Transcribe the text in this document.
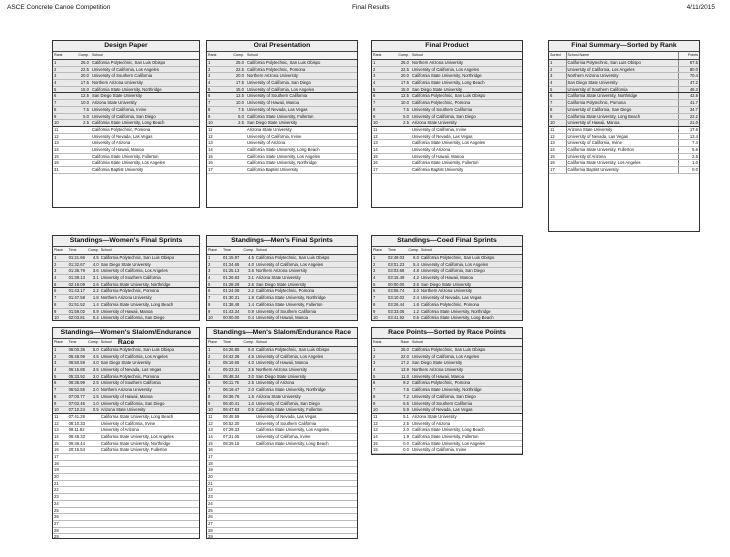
ASCE Concrete Canoe Competition	Final Results	4/11/2015
Design Paper
Rank	Comp. School
1	25.0 California Polytechnic, San Luis Obispo
2	22.5 University of California, Los Angeles
3	20.0 University of Southern California
4	17.5 Northern Arizona University
5	15.0 California State University, Northridge
6	12.5 San Diego State University
7	10.0 Arizona State University
8	7.5 University of California, Irvine
9	5.0 University of California, San Diego
10	2.5 California State University, Long Beach
11	California Polytechnic, Pomona
12	University of Nevada, Las Vegas
13	University of Arizona
14	University of Hawaii, Manoa
15	California State University, Fullerton
16	California State University, Los Angeles
31	California Baptist University
Oral Presentation
Rank	Comp. School
1	25.0 California Polytechnic, San Luis Obispo
2	22.5 California Polytechnic, Pomona
3	20.0 Northern Arizona University
4	17.5 University of California, San Diego
5	15.0 University of California, Los Angeles
6	12.5 University of Southern California
7	10.0 University of Hawaii, Manoa
8	7.5 University of Nevada, Las Vegas
9	5.0 California State University, Fullerton
10	2.5 San Diego State University
11	Arizona State University
12	University of California, Irvine
13	University of Arizona
14	California State University, Long Beach
15	California State University, Los Angeles
16	California State University, Northridge
17	California Baptist University
Final Product
Rank	Comp. School
1	25.0 Northern Arizona University
2	22.5 University of California, Los Angeles
3	20.0 California State University, Northridge
4	17.5 California State University, Long Beach
5	15.0 San Diego State University
6	12.5 California Polytechnic, San Luis Obispo
7	10.0 California Polytechnic, Pomona
8	7.5 University of Southern California
9	5.0 University of California, San Diego
10	2.5 Arizona State University
11	University of California, Irvine
12	University of Nevada, Las Vegas
13	California State University, Los Angeles
14	University of Arizona
15	University of Hawaii, Manoa
16	California State University, Fullerton
17	California Baptist University
Final Summary—Sorted by Rank
Sorted	School Name	Points
1	California Polytechnic, San Luis Obispo	87.5
2	University of California, Los Angeles	80.0
3	Northern Arizona University	70.4
4	San Diego State University	47.2
5	University of Southern California	46.3
6	California State University, Northridge	42.8
7	California Polytechnic, Pomona	41.7
8	University of California, San Diego	34.7
9	California State University, Long Beach	22.2
10	University of Hawaii, Manoa	21.0
11	Arizona State University	17.6
12	University of Nevada, Las Vegas	13.4
13	University of California, Irvine	7.4
14	California State University, Fullerton	5.6
15	University of Arizona	2.5
16	California State University, Los Angeles	1.0
17	California Baptist University	0.0
Standings—Women's Final Sprints
Place	Time	Comp. School
1	01:21.66	4.5 California Polytechnic, San Luis Obispo
2	01:32.67	4.0 San Diego State University
3	01:36.79	3.6 University of California, Los Angeles
4	01:39.13	3.1 University of Southern California
5	02:18.09	2.6 California State University, Northridge
6	01:43.17	2.2 California Polytechnic, Pomona
7	01:47.58	1.8 Northern Arizona University
8	01:51.52	1.4 California State University, Long Beach
9	01:59.02	0.9 University of Hawaii, Manoa
10	02:03.81	0.4 University of California, San Diego
Standings—Men's Final Sprints
Place	Time	Comp. School
1	01:15.97	4.5 California Polytechnic, San Luis Obispo
2	01:24.65	4.0 University of California, Los Angeles
3	01:25.13	3.6 Northern Arizona University
4	01:26.83	3.1 Arizona State University
5	01:28.28	2.6 San Diego State University
6	01:24.08	2.2 California Polytechnic, Pomona
7	01:30.31	1.8 California State University, Northridge
8	01:38.48	1.4 California State University, Fullerton
9	01:43.34	0.9 University of Southern California
10	00:00.00	0.4 University of Hawaii, Manoa
Standings—Coed Final Sprints
Place	Time	Comp. School
1	02:49.03	6.0 California Polytechnic, San Luis Obispo
2	03:01.23	5.4 University of California, Los Angeles
3	03:03.68	4.8 University of California, San Diego
4	03:15.49	4.2 University of Hawaii, Manoa
5	00:00.00	3.6 San Diego State University
6	03:06.74	3.0 Northern Arizona University
7	03:10.02	2.4 University of Nevada, Las Vegas
8	03:26.44	1.8 California Polytechnic, Pomona
9	03:33.06	1.2 California State University, Northridge
10	03:41.92	0.6 California State University, Long Beach
Standings—Women's Slalom/Endurance Race
Place	Time	Comp. School
1	06:00.36	5.0 California Polytechnic, San Luis Obispo
2	06:48.99	4.5 University of California, Los Angeles
3	06:50.59	4.0 San Diego State University
4	06:15.85	3.5 University of Nevada, Las Vegas
5	05:33.92	3.0 California Polytechnic, Pomona
6	06:36.99	2.5 University of Southern California
7	06:52.55	2.0 Northern Arizona University
8	07:00.77	1.5 University of Hawaii, Manoa
9	07:02.46	1.0 University of California, San Diego
10	07:10.24	0.5 Arizona State University
11	07:41.28	California State University, Long Beach
12	08:10.33	University of California, Irvine
13	08:11.82	University of Arizona
14	08:48.33	California State University, Los Angeles
15	09:36.44	California State University, Northridge
16	20:15.54	California State University, Fullerton
17
18
19
20
21
22
23
24
25
26
27
28
29
Standings—Men's Slalom/Endurance Race
Place	Time	Comp. School
1	04:26.85	5.0 California Polytechnic, San Luis Obispo
2	04:42.36	4.5 University of California, Los Angeles
3	05:19.65	4.0 University of Hawaii, Manoa
4	05:23.31	3.5 Northern Arizona University
5	05:48.34	3.0 San Diego State University
6	06:11.76	2.5 University of Arizona
7	06:19.47	2.0 California State University, Northridge
8	06:36.76	1.5 Arizona State University
9	06:40.41	1.0 University of California, San Diego
10	06:47.63	0.5 California State University, Fullerton
11	06:48.59	University of Nevada, Las Vegas
12	06:52.30	University of Southern California
13	07:29.33	California State University, Los Angeles
14	07:31.05	University of California, Irvine
15	08:29.15	California State University, Long Beach
16
17
18
19
20
21
22
23
24
25
26
27
28
29
Race Points—Sorted by Race Points
Rank	Race School
1	25.0 California Polytechnic, San Luis Obispo
2	22.0 University of California, Los Angeles
3	17.2 San Diego State University
4	13.9 Northern Arizona University
5	11.0 University of Hawaii, Manoa
6	9.2 California Polytechnic, Pomona
7	7.6 California State University, Northridge
8	7.2 University of California, San Diego
9	6.5 University of Southern California
10	5.9 University of Nevada, Las Vegas
11	5.1 Arizona State University
12	2.5 University of Arizona
13	2.0 California State University, Long Beach
14	1.9 California State University, Fullerton
15	0.0 California State University, Los Angeles
15	0.0 University of California, Irvine
